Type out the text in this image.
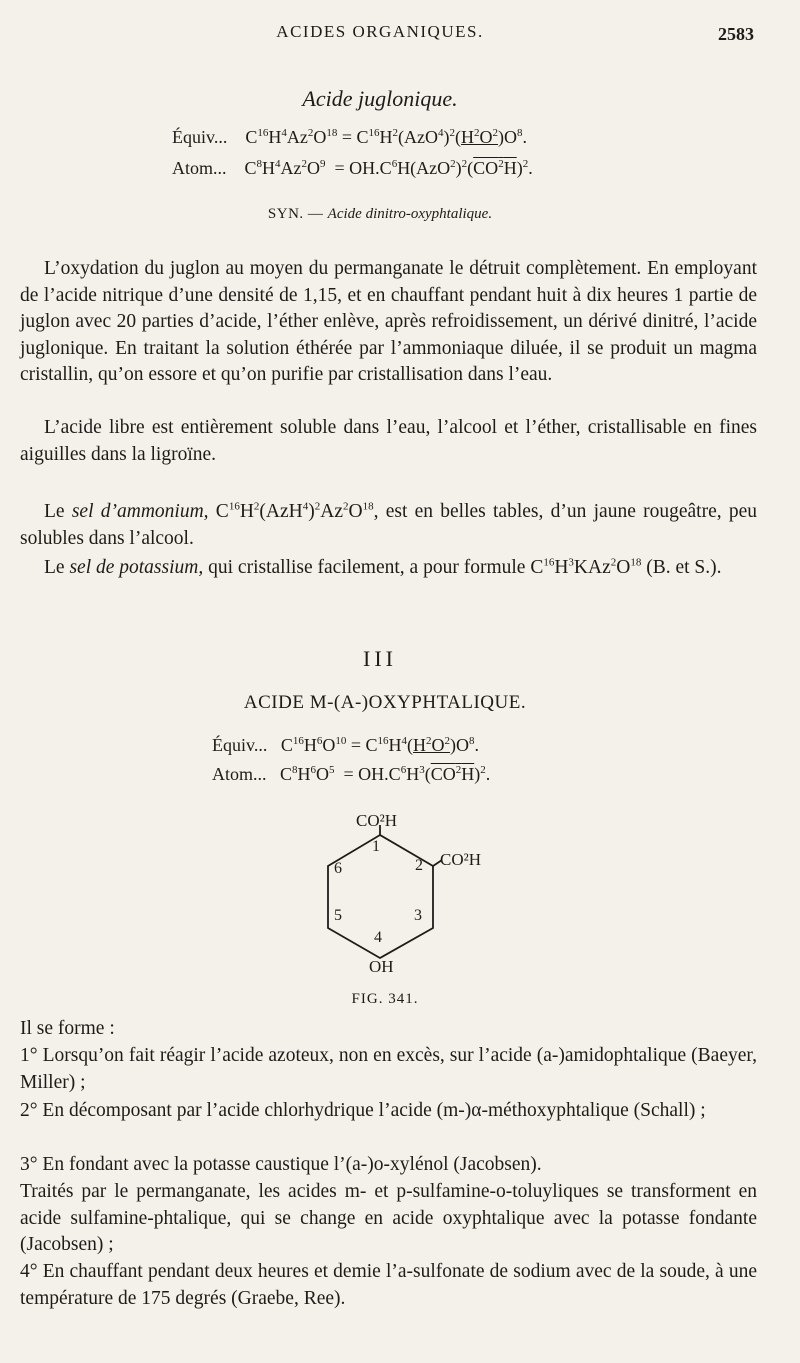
ACIDES ORGANIQUES.	2583
Acide juglonique.
Équiv...    $C^{16}H^4Az^2O^{18} = C^{16}H^2(AzO^4)^2(H^2O^2)O^8$.
Atom...    $C^8H^4Az^2O^9 = OH.C^6H(AzO^2)^2(CO^2H)^2$.
SYN. — Acide dinitro-oxyphtalique.

L’oxydation du juglon au moyen du permanganate le détruit complètement. En employant de l’acide nitrique d’une densité de 1,15, et en chauffant pendant huit à dix heures 1 partie de juglon avec 20 parties d’acide, l’éther enlève, après refroidissement, un dérivé dinitré, l’acide juglonique. En traitant la solution éthérée par l’ammoniaque diluée, il se produit un magma cristallin, qu’on essore et qu’on purifie par cristallisation dans l’eau.

L’acide libre est entièrement soluble dans l’eau, l’alcool et l’éther, cristallisable en fines aiguilles dans la ligroïne.

Le sel d’ammonium, $C^{16}H^2(AzH^4)^2Az^2O^{18}$, est en belles tables, d’un jaune rougeâtre, peu solubles dans l’alcool.

Le sel de potassium, qui cristallise facilement, a pour formule $C^{16}H^3KAz^2O^{18}$ (B. et S.).

III
ACIDE M-(A-)OXYPHTALIQUE.
Équiv...   $C^{16}H^6O^{10} = C^{16}H^4(H^2O^2)O^8$.
Atom...   $C^8H^6O^5 = OH.C^6H^3(CO^2H)^2$.
CO²H
CO²H
OH
1
2
3
4
5
6
FIG. 341.

Il se forme :

1° Lorsqu’on fait réagir l’acide azoteux, non en excès, sur l’acide (a-)amidophtalique (Baeyer, Miller) ;

2° En décomposant par l’acide chlorhydrique l’acide (m-)α-méthoxyphtalique (Schall) ;

3° En fondant avec la potasse caustique l’(a-)o-xylénol (Jacobsen).

Traités par le permanganate, les acides m- et p-sulfamine-o-toluyliques se transforment en acide sulfamine-phtalique, qui se change en acide oxyphtalique avec la potasse fondante (Jacobsen) ;

4° En chauffant pendant deux heures et demie l’a-sulfonate de sodium avec de la soude, à une température de 175 degrés (Graebe, Ree).
